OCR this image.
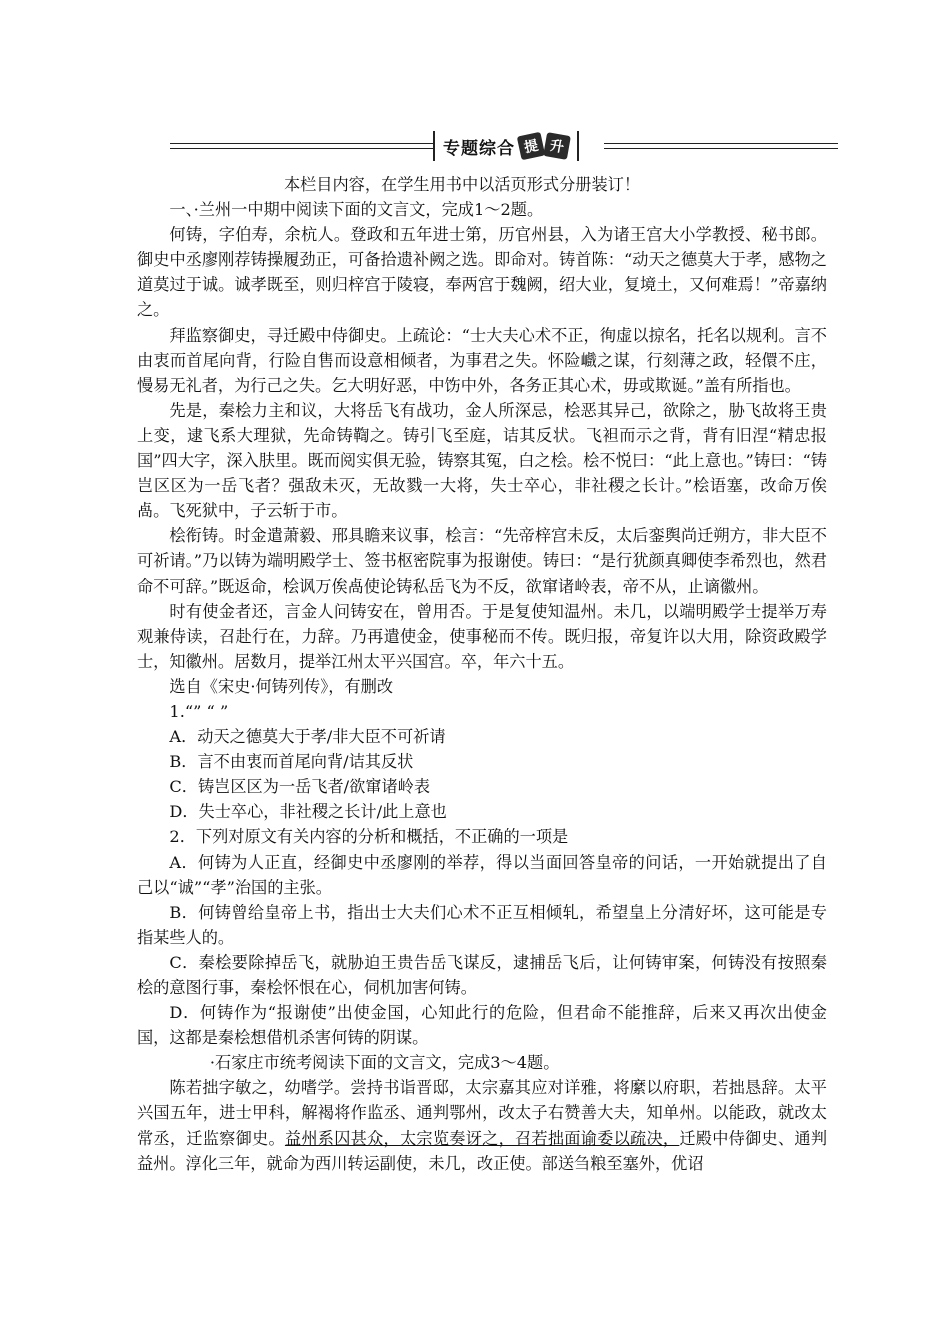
专题综合 提 升

本栏目内容，在学生用书中以活页形式分册装订！

一、·兰州一中期中阅读下面的文言文，完成1～2题。

何铸，字伯寿，余杭人。登政和五年进士第，历官州县，入为诸王宫大小学教授、秘书郎。御史中丞廖刚荐铸操履劲正，可备拾遗补阙之选。即命对。铸首陈：“动天之德莫大于孝，感物之道莫过于诚。诚孝既至，则归梓宫于陵寝，奉两宫于魏阙，绍大业，复境土，又何难焉！”帝嘉纳之。

拜监察御史，寻迁殿中侍御史。上疏论：“士大夫心术不正，徇虚以掠名，托名以规利。言不由衷而首尾向背，行险自售而设意相倾者，为事君之失。怀险巇之谋，行刻薄之政，轻儇不庄，慢易无礼者，为行己之失。乞大明好恶，中饬中外，各务正其心术，毋或欺诞。”盖有所指也。

先是，秦桧力主和议，大将岳飞有战功，金人所深忌，桧恶其异己，欲除之，胁飞故将王贵上变，逮飞系大理狱，先命铸鞫之。铸引飞至庭，诘其反状。飞袒而示之背，背有旧涅“精忠报国”四大字，深入肤里。既而阅实俱无验，铸察其冤，白之桧。桧不悦曰：“此上意也。”铸曰：“铸岂区区为一岳飞者？强敌未灭，无故戮一大将，失士卒心，非社稷之长计。”桧语塞，改命万俟卨。飞死狱中，子云斩于市。

桧衔铸。时金遣萧毅、邢具瞻来议事，桧言：“先帝梓宫未反，太后銮舆尚迁朔方，非大臣不可祈请。”乃以铸为端明殿学士、签书枢密院事为报谢使。铸曰：“是行犹颜真卿使李希烈也，然君命不可辞。”既返命，桧讽万俟卨使论铸私岳飞为不反，欲窜诸岭表，帝不从，止谪徽州。

时有使金者还，言金人问铸安在，曾用否。于是复使知温州。未几，以端明殿学士提举万寿观兼侍读，召赴行在，力辞。乃再遣使金，使事秘而不传。既归报，帝复许以大用，除资政殿学士，知徽州。居数月，提举江州太平兴国宫。卒，年六十五。

选自《宋史·何铸列传》，有删改

1.“” “ ”

A．动天之德莫大于孝/非大臣不可祈请

B．言不由衷而首尾向背/诘其反状

C．铸岂区区为一岳飞者/欲窜诸岭表

D．失士卒心，非社稷之长计/此上意也

2．下列对原文有关内容的分析和概括，不正确的一项是

A．何铸为人正直，经御史中丞廖刚的举荐，得以当面回答皇帝的问话，一开始就提出了自己以“诚”“孝”治国的主张。

B．何铸曾给皇帝上书，指出士大夫们心术不正互相倾轧，希望皇上分清好坏，这可能是专指某些人的。

C．秦桧要除掉岳飞，就胁迫王贵告岳飞谋反，逮捕岳飞后，让何铸审案，何铸没有按照秦桧的意图行事，秦桧怀恨在心，伺机加害何铸。

D．何铸作为“报谢使”出使金国，心知此行的危险，但君命不能推辞，后来又再次出使金国，这都是秦桧想借机杀害何铸的阴谋。

·石家庄市统考阅读下面的文言文，完成3～4题。

陈若拙字敏之，幼嗜学。尝持书诣晋邸，太宗嘉其应对详雅，将縻以府职，若拙恳辞。太平兴国五年，进士甲科，解褐将作监丞、通判鄂州，改太子右赞善大夫，知单州。以能政，就改太常丞，迁监察御史。益州系囚甚众，太宗览奏讶之，召若拙面谕委以疏决，迁殿中侍御史、通判益州。淳化三年，就命为西川转运副使，未几，改正使。部送刍粮至塞外，优诏
